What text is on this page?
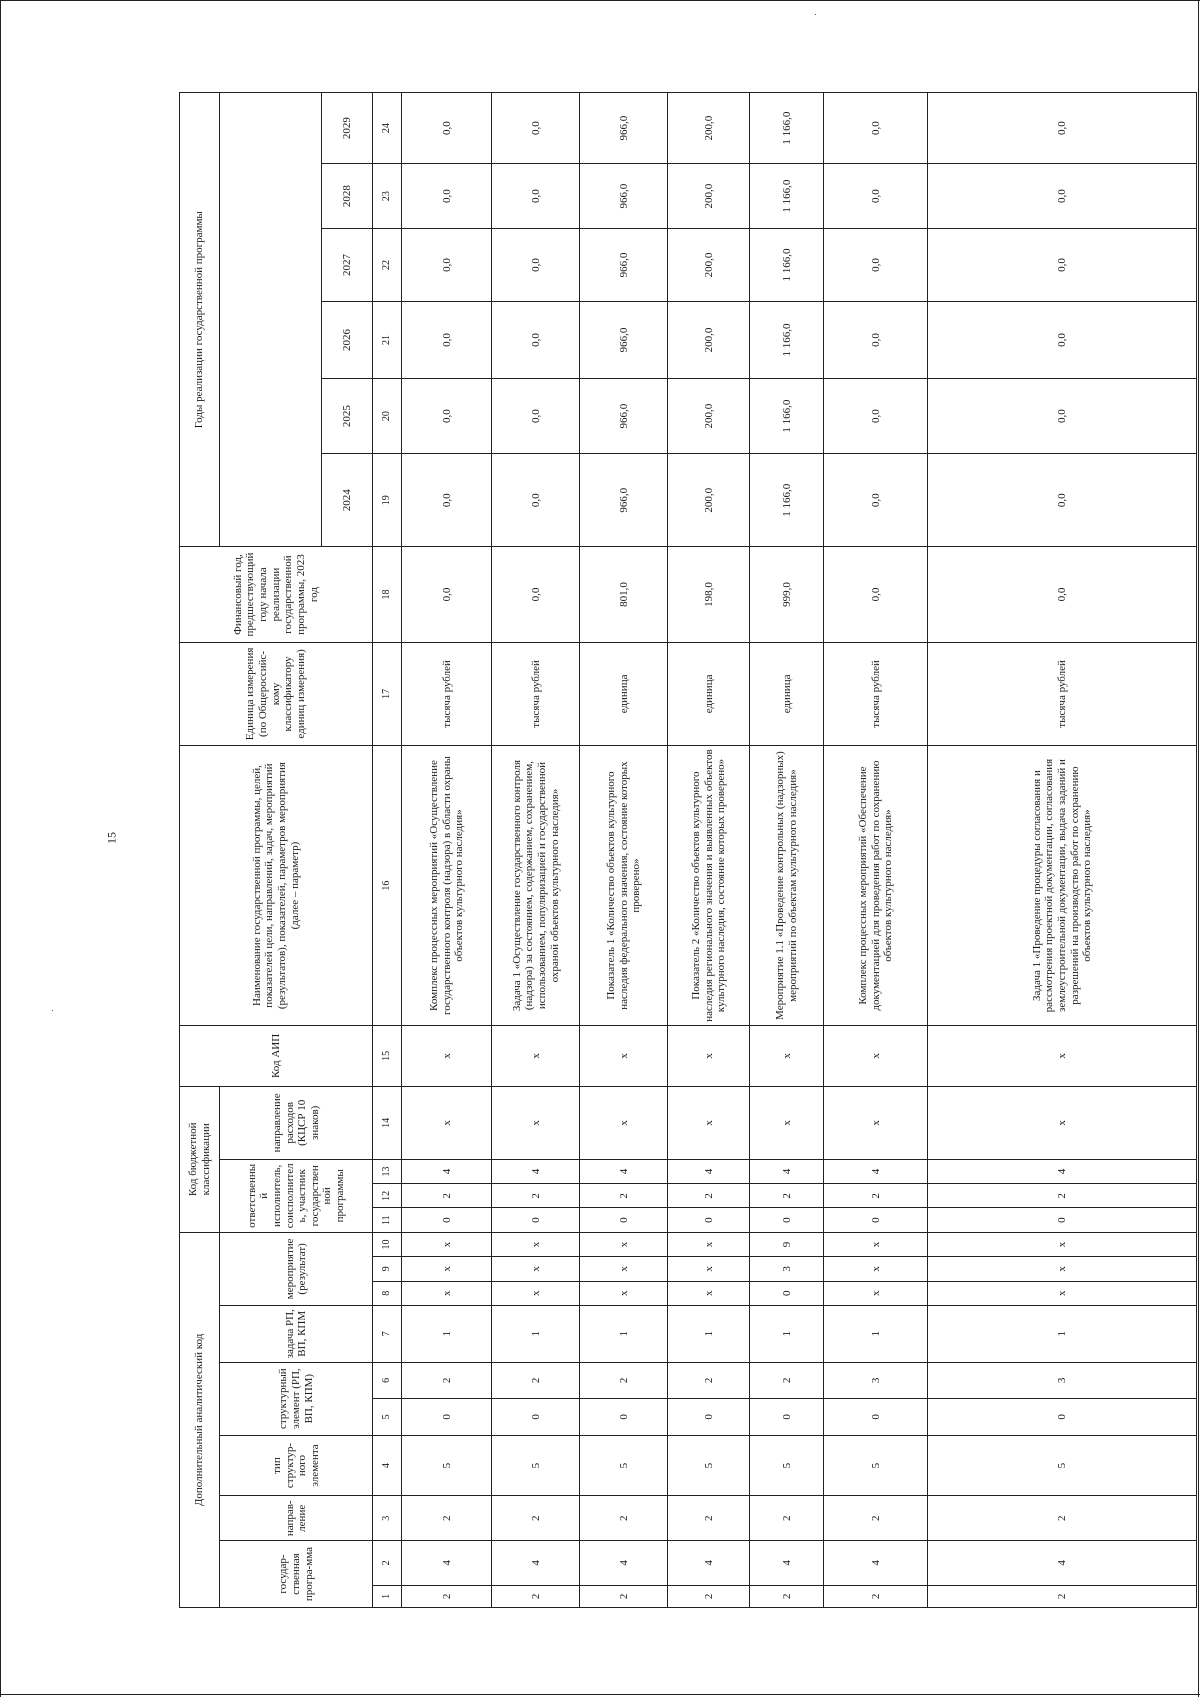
15
Дополнительный аналитический код										Код бюджетной классификации				Код АИП	Наименование государственной программы, целей, показателей цели, направлений, задач, мероприятий (результатов), показателей, параметров мероприятия (далее – параметр)	Единица измерения (по Общероссийс-кому классификатору единиц измерения)	Финансовый год, предшествующий году начала реализации государственной программы, 2023 год	Годы реализации государственной программы					
государ-ственная програ-мма		направ-ление	тип структур-ного элемента	структурный элемент (РП, ВП, КПМ)		задача РП, ВП, КПМ	мероприятие (результат)			ответственный исполнитель, соисполнитель, участник государственной программы			направление расходов (КЦСР 10 знаков)										
																		2024	2025	2026	2027	2028	2029
1	2	3	4	5	6	7	8	9	10	11	12	13	14	15	16	17	18	19	20	21	22	23	24
2	4	2	5	0	2	1	x	x	x	0	2	4	x	x	Комплекс процессных мероприятий «Осуществление государственного контроля (надзора) в области охраны объектов культурного наследия»	тысяча рублей	0,0	0,0	0,0	0,0	0,0	0,0	0,0
2	4	2	5	0	2	1	x	x	x	0	2	4	x	x	Задача 1 «Осуществление государственного контроля (надзора) за состоянием, содержанием, сохранением, использованием, популяризацией и государственной охраной объектов культурного наследия»	тысяча рублей	0,0	0,0	0,0	0,0	0,0	0,0	0,0
2	4	2	5	0	2	1	x	x	x	0	2	4	x	x	Показатель 1 «Количество объектов культурного наследия федерального значения, состояние которых проверено»	единица	801,0	966,0	966,0	966,0	966,0	966,0	966,0
2	4	2	5	0	2	1	x	x	x	0	2	4	x	x	Показатель 2 «Количество объектов культурного наследия регионального значения и выявленных объектов культурного наследия, состояние которых проверено»	единица	198,0	200,0	200,0	200,0	200,0	200,0	200,0
2	4	2	5	0	2	1	0	3	9	0	2	4	x	x	Мероприятие 1.1 «Проведение контрольных (надзорных) мероприятий по объектам культурного наследия»	единица	999,0	1 166,0	1 166,0	1 166,0	1 166,0	1 166,0	1 166,0
2	4	2	5	0	3	1	x	x	x	0	2	4	x	x	Комплекс процессных мероприятий «Обеспечение документацией для проведения работ по сохранению объектов культурного наследия»	тысяча рублей	0,0	0,0	0,0	0,0	0,0	0,0	0,0
2	4	2	5	0	3	1	x	x	x	0	2	4	x	x	Задача 1 «Проведение процедуры согласования и рассмотрения проектной документации, согласования землеустроительной документации, выдача заданий и разрешений на производство работ по сохранению объектов культурного наследия»	тысяча рублей	0,0	0,0	0,0	0,0	0,0	0,0	0,0
